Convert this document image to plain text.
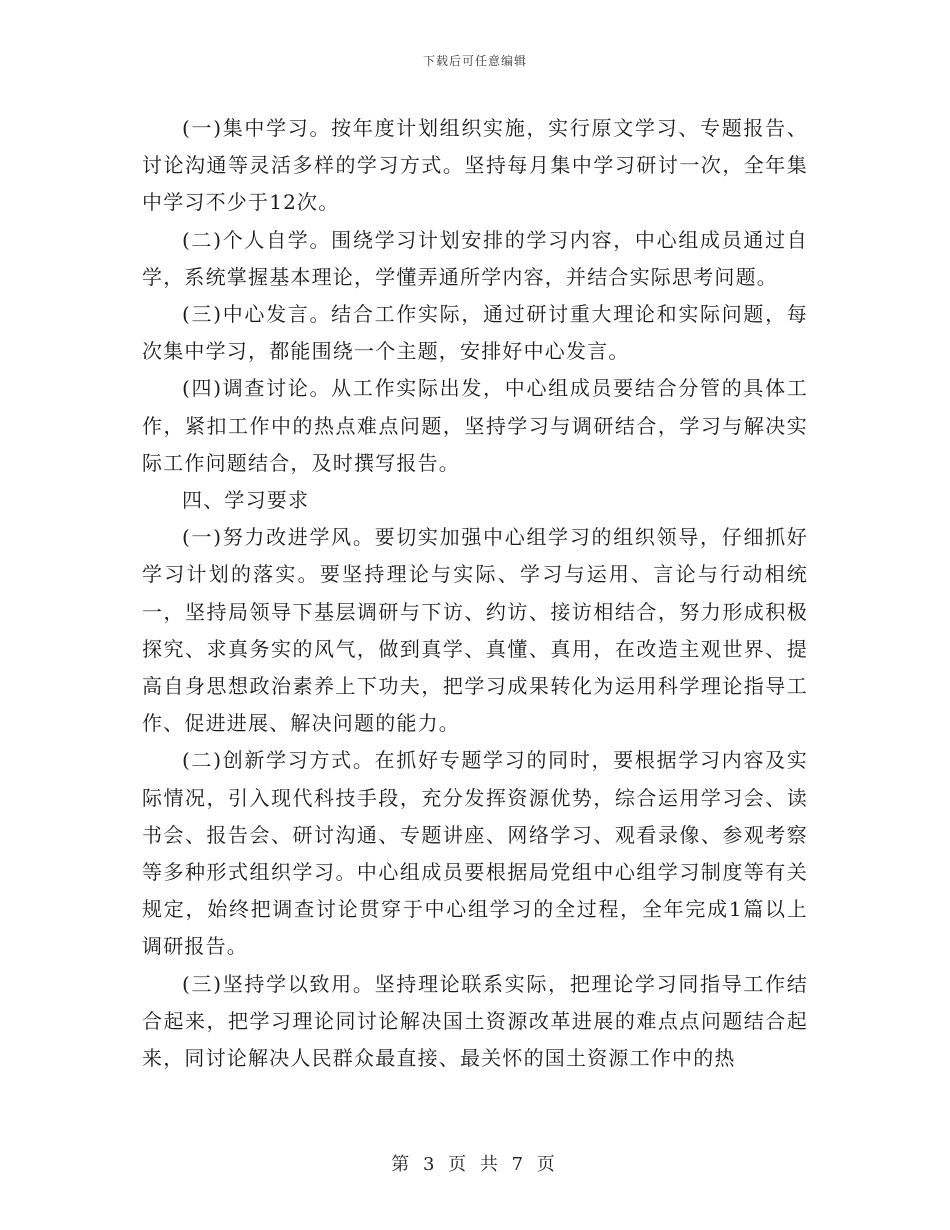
下载后可任意编辑

(一)集中学习。按年度计划组织实施，实行原文学习、专题报告、讨论沟通等灵活多样的学习方式。坚持每月集中学习研讨一次，全年集中学习不少于12次。

(二)个人自学。围绕学习计划安排的学习内容，中心组成员通过自学，系统掌握基本理论，学懂弄通所学内容，并结合实际思考问题。

(三)中心发言。结合工作实际，通过研讨重大理论和实际问题，每次集中学习，都能围绕一个主题，安排好中心发言。

(四)调查讨论。从工作实际出发，中心组成员要结合分管的具体工作，紧扣工作中的热点难点问题，坚持学习与调研结合，学习与解决实际工作问题结合，及时撰写报告。

四、学习要求

(一)努力改进学风。要切实加强中心组学习的组织领导，仔细抓好学习计划的落实。要坚持理论与实际、学习与运用、言论与行动相统一，坚持局领导下基层调研与下访、约访、接访相结合，努力形成积极探究、求真务实的风气，做到真学、真懂、真用，在改造主观世界、提高自身思想政治素养上下功夫，把学习成果转化为运用科学理论指导工作、促进进展、解决问题的能力。

(二)创新学习方式。在抓好专题学习的同时，要根据学习内容及实际情况，引入现代科技手段，充分发挥资源优势，综合运用学习会、读书会、报告会、研讨沟通、专题讲座、网络学习、观看录像、参观考察等多种形式组织学习。中心组成员要根据局党组中心组学习制度等有关规定，始终把调查讨论贯穿于中心组学习的全过程，全年完成1篇以上调研报告。

(三)坚持学以致用。坚持理论联系实际，把理论学习同指导工作结合起来，把学习理论同讨论解决国土资源改革进展的难点点问题结合起来，同讨论解决人民群众最直接、最关怀的国土资源工作中的热

第 3 页 共 7 页
